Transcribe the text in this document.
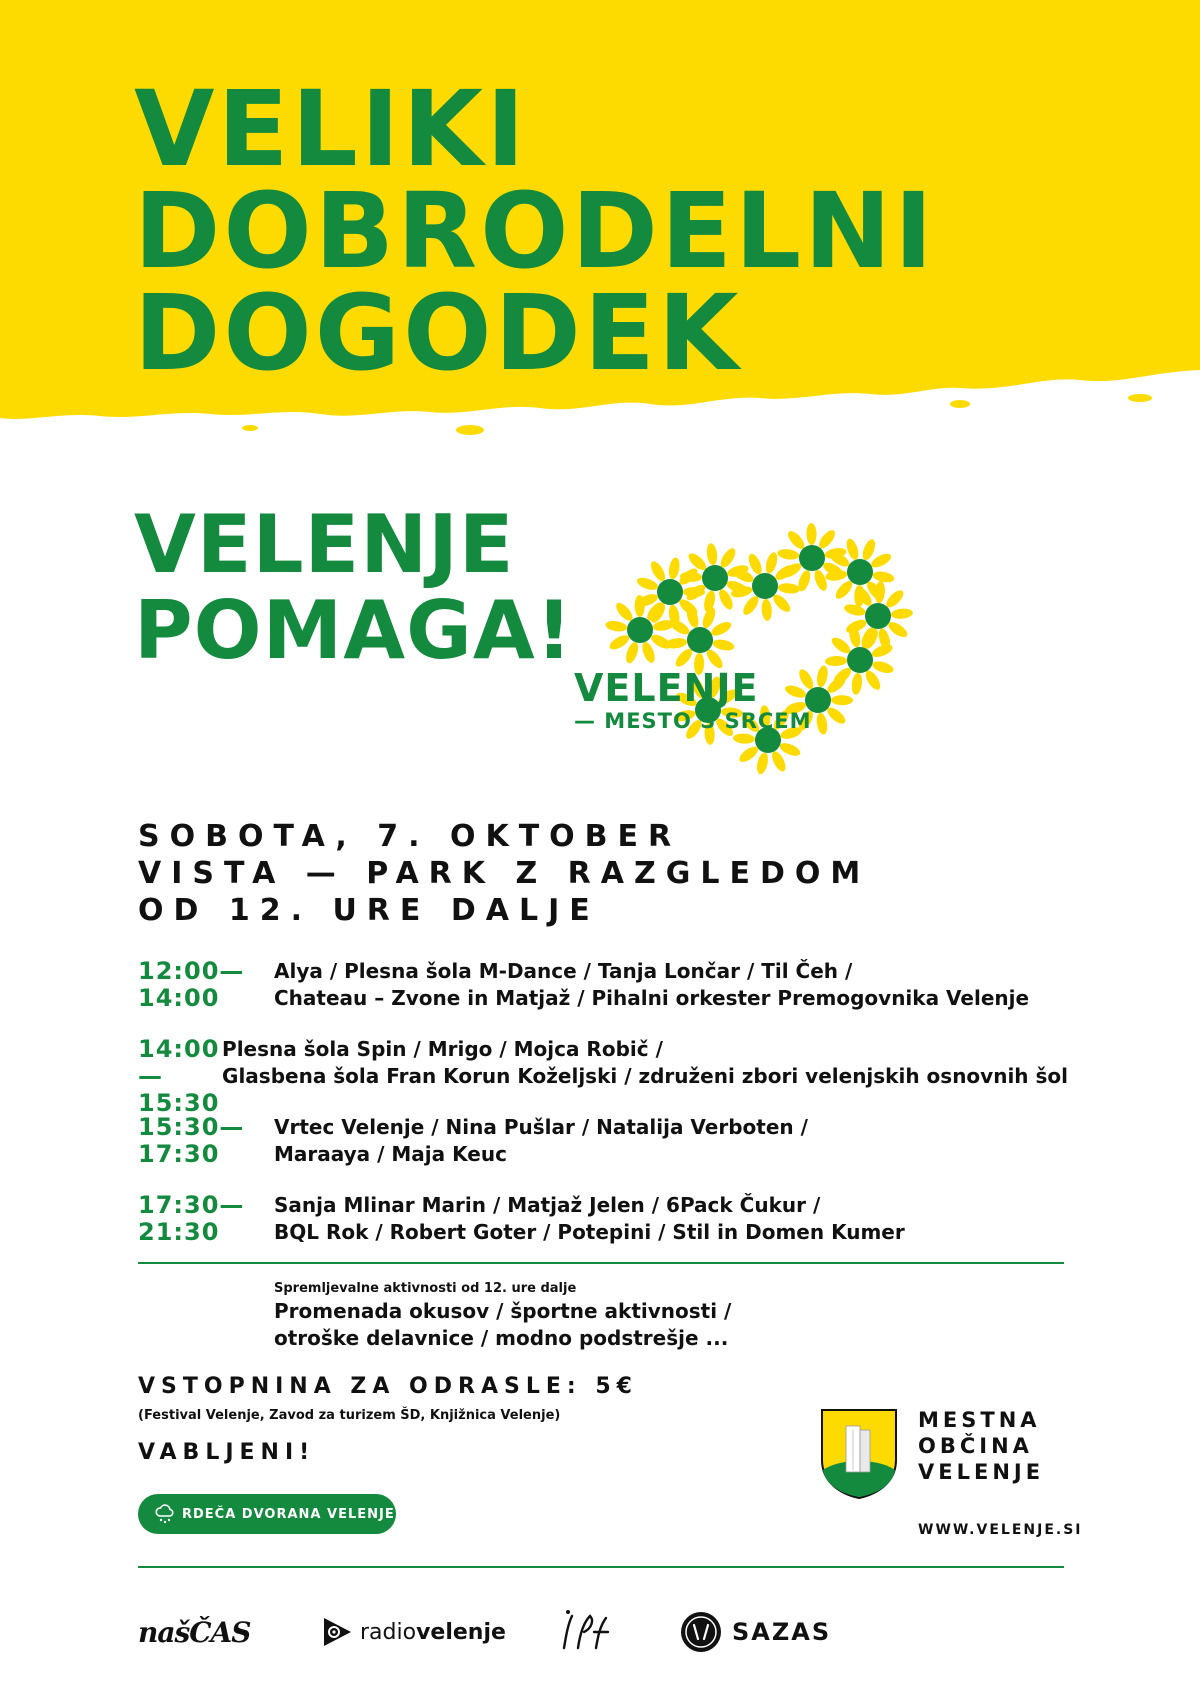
VELIKI
DOBRODELNI
DOGODEK
VELENJE
POMAGA!
VELENJE
— MESTO S SRCEM
SOBOTA, 7. OKTOBER
VISTA — PARK Z RAZGLEDOM
OD 12. URE DALJE
12:00—
14:00
Alya / Plesna šola M-Dance / Tanja Lončar / Til Čeh /
Chateau – Zvone in Matjaž / Pihalni orkester Premogovnika Velenje
14:00—
15:30
Plesna šola Spin / Mrigo / Mojca Robič /
Glasbena šola Fran Korun Koželjski / združeni zbori velenjskih osnovnih šol
15:30—
17:30
Vrtec Velenje / Nina Pušlar / Natalija Verboten /
Maraaya / Maja Keuc
17:30—
21:30
Sanja Mlinar Marin / Matjaž Jelen / 6Pack Čukur /
BQL Rok / Robert Goter / Potepini / Stil in Domen Kumer
Spremljevalne aktivnosti od 12. ure dalje
Promenada okusov / športne aktivnosti /
otroške delavnice / modno podstrešje ...
VSTOPNINA ZA ODRASLE: 5€
(Festival Velenje, Zavod za turizem ŠD, Knjižnica Velenje)
VABLJENI!
RDEČA DVORANA VELENJE
MESTNA
OBČINA
VELENJE
WWW.VELENJE.SI
našČAS	radio velenje	SAZAS
